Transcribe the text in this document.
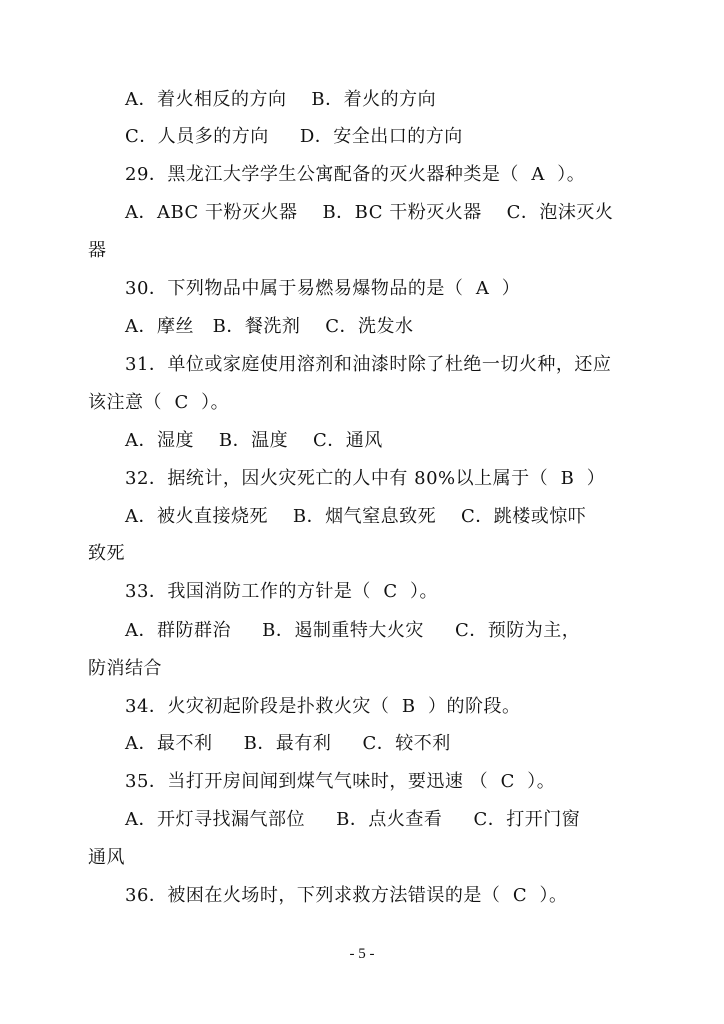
A．着火相反的方向    B．着火的方向
C．人员多的方向     D．安全出口的方向
29．黑龙江大学学生公寓配备的灭火器种类是（  A  ）。
A．ABC 干粉灭火器    B．BC 干粉灭火器    C．泡沫灭火
器
30．下列物品中属于易燃易爆物品的是（  A  ）
A．摩丝   B．餐洗剂    C．洗发水
31．单位或家庭使用溶剂和油漆时除了杜绝一切火种，还应
该注意（  C  ）。
A．湿度    B．温度    C．通风
32．据统计，因火灾死亡的人中有 80%以上属于（  B  ）
A．被火直接烧死    B．烟气窒息致死    C．跳楼或惊吓
致死
33．我国消防工作的方针是（  C  ）。
A．群防群治     B．遏制重特大火灾     C．预防为主，
防消结合
34．火灾初起阶段是扑救火灾（  B  ）的阶段。
A．最不利     B．最有利     C．较不利
35．当打开房间闻到煤气气味时，要迅速 （  C  ）。
A．开灯寻找漏气部位     B．点火查看     C．打开门窗
通风
36．被困在火场时，下列求救方法错误的是（  C  ）。
- 5 -
